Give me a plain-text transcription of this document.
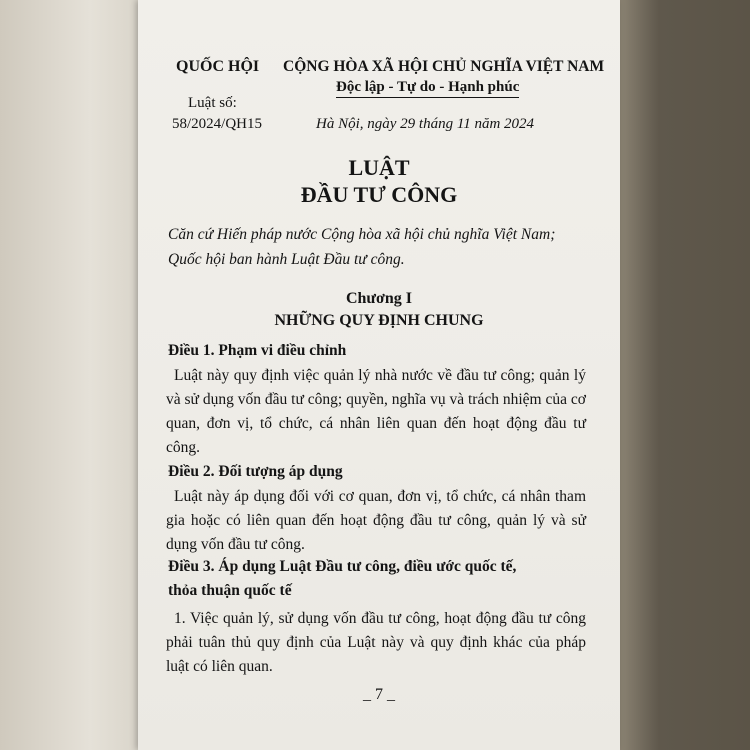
QUỐC HỘI
Luật số:
58/2024/QH15
CỘNG HÒA XÃ HỘI CHỦ NGHĨA VIỆT NAM
Độc lập - Tự do - Hạnh phúc
Hà Nội, ngày 29 tháng 11 năm 2024
LUẬT
ĐẦU TƯ CÔNG
Căn cứ Hiến pháp nước Cộng hòa xã hội chủ nghĩa Việt Nam;
Quốc hội ban hành Luật Đầu tư công.
Chương I
NHỮNG QUY ĐỊNH CHUNG
Điều 1. Phạm vi điều chỉnh
Luật này quy định việc quản lý nhà nước về đầu tư công; quản lý và sử dụng vốn đầu tư công; quyền, nghĩa vụ và trách nhiệm của cơ quan, đơn vị, tổ chức, cá nhân liên quan đến hoạt động đầu tư công.
Điều 2. Đối tượng áp dụng
Luật này áp dụng đối với cơ quan, đơn vị, tổ chức, cá nhân tham gia hoặc có liên quan đến hoạt động đầu tư công, quản lý và sử dụng vốn đầu tư công.
Điều 3. Áp dụng Luật Đầu tư công, điều ước quốc tế,
thỏa thuận quốc tế
1. Việc quản lý, sử dụng vốn đầu tư công, hoạt động đầu tư công phải tuân thủ quy định của Luật này và quy định khác của pháp luật có liên quan.
_ 7 _
